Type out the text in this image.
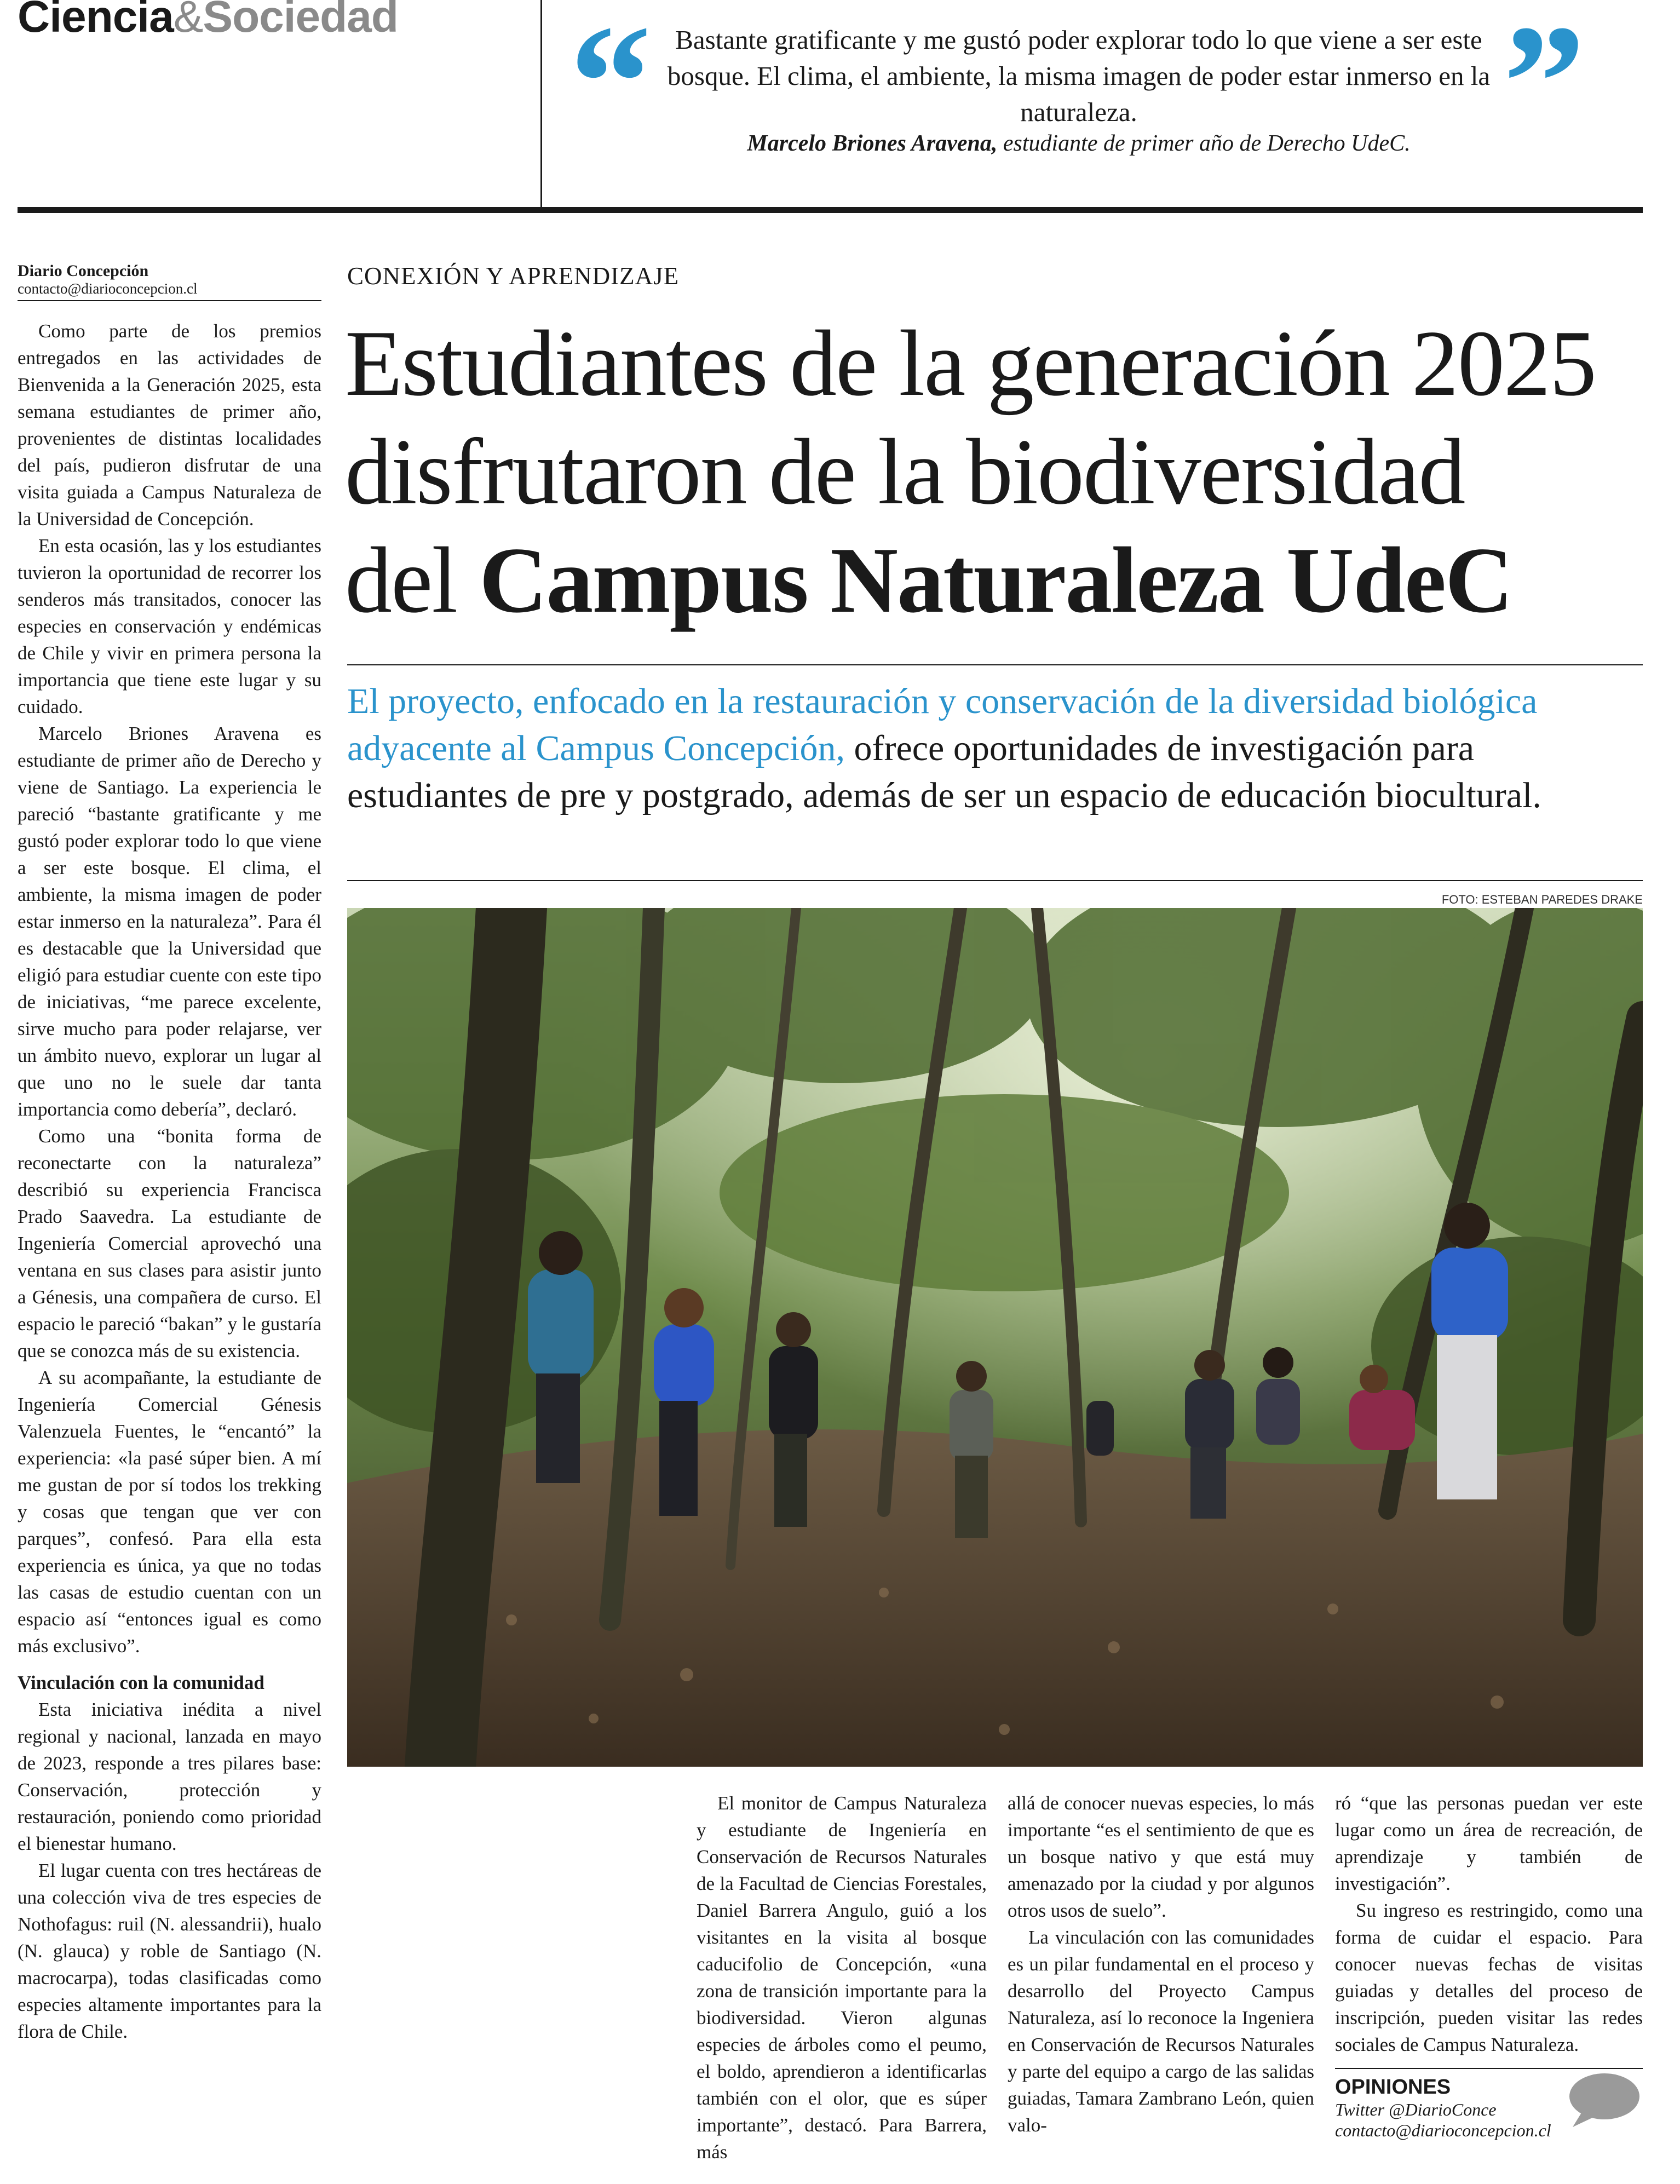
Ciencia&Sociedad “ Bastante gratificante y me gustó poder explorar todo lo que viene a ser este bosque. El clima, el ambiente, la misma imagen de poder estar inmerso en la naturaleza.
Marcelo Briones Aravena, estudiante de primer año de Derecho UdeC. ”
Diario Concepción
contacto@diarioconcepcion.cl

Como parte de los premios entregados en las actividades de Bienvenida a la Generación 2025, esta semana estudiantes de primer año, provenientes de distintas localidades del país, pudieron disfrutar de una visita guiada a Campus Naturaleza de la Universidad de Concepción.

En esta ocasión, las y los estudiantes tuvieron la oportunidad de recorrer los senderos más transitados, conocer las especies en conservación y endémicas de Chile y vivir en primera persona la importancia que tiene este lugar y su cuidado.

Marcelo Briones Aravena es estudiante de primer año de Derecho y viene de Santiago. La experiencia le pareció “bastante gratificante y me gustó poder explorar todo lo que viene a ser este bosque. El clima, el ambiente, la misma imagen de poder estar inmerso en la naturaleza”. Para él es destacable que la Universidad que eligió para estudiar cuente con este tipo de iniciativas, “me parece excelente, sirve mucho para poder relajarse, ver un ámbito nuevo, explorar un lugar al que uno no le suele dar tanta importancia como debería”, declaró.

Como una “bonita forma de reconectarte con la naturaleza” describió su experiencia Francisca Prado Saavedra. La estudiante de Ingeniería Comercial aprovechó una ventana en sus clases para asistir junto a Génesis, una compañera de curso. El espacio le pareció “bakan” y le gustaría que se conozca más de su existencia.

A su acompañante, la estudiante de Ingeniería Comercial Génesis Valenzuela Fuentes, le “encantó” la experiencia: «la pasé súper bien. A mí me gustan de por sí todos los trekking y cosas que tengan que ver con parques”, confesó. Para ella esta experiencia es única, ya que no todas las casas de estudio cuentan con un espacio así “entonces igual es como más exclusivo”.

Vinculación con la comunidad

Esta iniciativa inédita a nivel regional y nacional, lanzada en mayo de 2023, responde a tres pilares base: Conservación, protección y restauración, poniendo como prioridad el bienestar humano.

El lugar cuenta con tres hectáreas de una colección viva de tres especies de Nothofagus: ruil (N. alessandrii), hualo (N. glauca) y roble de Santiago (N. macrocarpa), todas clasificadas como especies altamente importantes para la flora de Chile.

CONEXIÓN Y APRENDIZAJE
Estudiantes de la generación 2025
disfrutaron de la biodiversidad
del Campus Naturaleza UdeC
El proyecto, enfocado en la restauración y conservación de la diversidad biológica adyacente al Campus Concepción, ofrece oportunidades de investigación para estudiantes de pre y postgrado, además de ser un espacio de educación biocultural.
FOTO: ESTEBAN PAREDES DRAKE

El monitor de Campus Naturaleza y estudiante de Ingeniería en Conservación de Recursos Naturales de la Facultad de Ciencias Forestales, Daniel Barrera Angulo, guió a los visitantes en la visita al bosque caducifolio de Concepción, «una zona de transición importante para la biodiversidad. Vieron algunas especies de árboles como el peumo, el boldo, aprendieron a identificarlas también con el olor, que es súper importante”, destacó. Para Barrera, más

allá de conocer nuevas especies, lo más importante “es el sentimiento de que es un bosque nativo y que está muy amenazado por la ciudad y por algunos otros usos de suelo”.

La vinculación con las comunidades es un pilar fundamental en el proceso y desarrollo del Proyecto Campus Naturaleza, así lo reconoce la Ingeniera en Conservación de Recursos Naturales y parte del equipo a cargo de las salidas guiadas, Tamara Zambrano León, quien valo-

ró “que las personas puedan ver este lugar como un área de recreación, de aprendizaje y también de investigación”.

Su ingreso es restringido, como una forma de cuidar el espacio. Para conocer nuevas fechas de visitas guiadas y detalles del proceso de inscripción, pueden visitar las redes sociales de Campus Naturaleza.

OPINIONES
Twitter @DiarioConce
contacto@diarioconcepcion.cl
